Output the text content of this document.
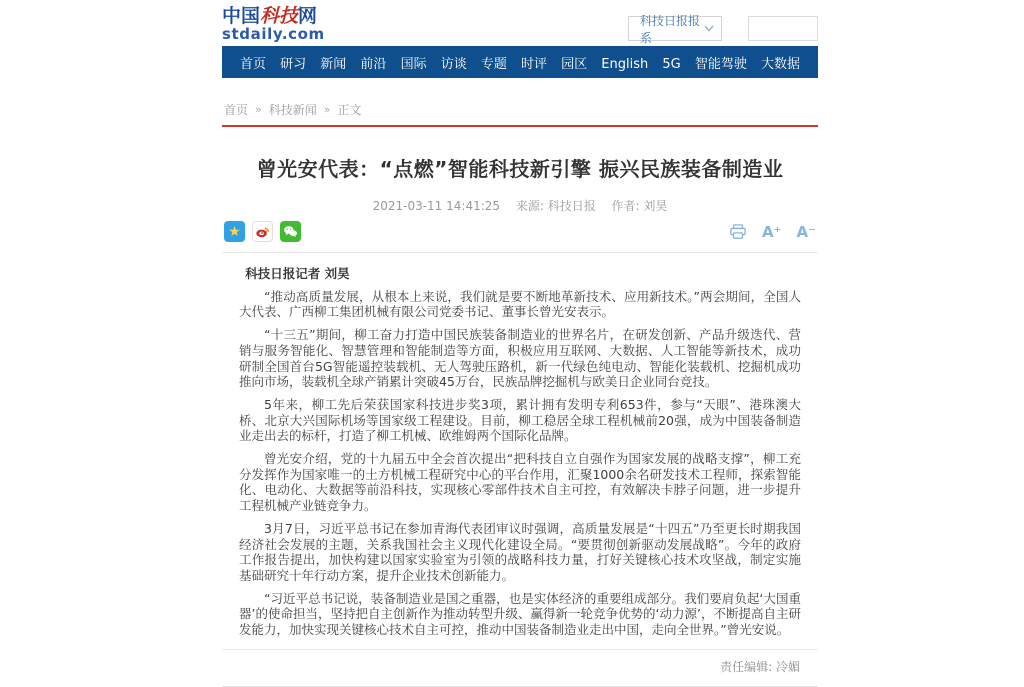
中国科技网
stdaily.com
科技日报报系
首页 研习 新闻 前沿 国际 访谈 专题 时评 园区 English 5G 智能驾驶 大数据
首页 » 科技新闻 » 正文
曾光安代表：“点燃”智能科技新引擎 振兴民族装备制造业
2021-03-11 14:41:25 来源: 科技日报 作者: 刘昊
★	A⁺ A⁻
科技日报记者 刘昊

“推动高质量发展，从根本上来说，我们就是要不断地革新技术、应用新技术。”两会期间，全国人大代表、广西柳工集团机械有限公司党委书记、董事长曾光安表示。

“十三五”期间，柳工奋力打造中国民族装备制造业的世界名片，在研发创新、产品升级迭代、营销与服务智能化、智慧管理和智能制造等方面，积极应用互联网、大数据、人工智能等新技术，成功研制全国首台5G智能遥控装载机、无人驾驶压路机，新一代绿色纯电动、智能化装载机、挖掘机成功推向市场，装载机全球产销累计突破45万台，民族品牌挖掘机与欧美日企业同台竞技。

5年来，柳工先后荣获国家科技进步奖3项，累计拥有发明专利653件，参与“天眼”、港珠澳大桥、北京大兴国际机场等国家级工程建设。目前，柳工稳居全球工程机械前20强，成为中国装备制造业走出去的标杆，打造了柳工机械、欧维姆两个国际化品牌。

曾光安介绍，党的十九届五中全会首次提出“把科技自立自强作为国家发展的战略支撑”，柳工充分发挥作为国家唯一的土方机械工程研究中心的平台作用，汇聚1000余名研发技术工程师，探索智能化、电动化、大数据等前沿科技，实现核心零部件技术自主可控，有效解决卡脖子问题，进一步提升工程机械产业链竞争力。

3月7日，习近平总书记在参加青海代表团审议时强调，高质量发展是“十四五”乃至更长时期我国经济社会发展的主题，关系我国社会主义现代化建设全局。“要贯彻创新驱动发展战略”。今年的政府工作报告提出，加快构建以国家实验室为引领的战略科技力量，打好关键核心技术攻坚战，制定实施基础研究十年行动方案，提升企业技术创新能力。

“习近平总书记说，装备制造业是国之重器，也是实体经济的重要组成部分。我们要肩负起‘大国重器’的使命担当，坚持把自主创新作为推动转型升级、赢得新一轮竞争优势的‘动力源’，不断提高自主研发能力，加快实现关键核心技术自主可控，推动中国装备制造业走出中国，走向全世界。”曾光安说。

责任编辑: 冷媚
